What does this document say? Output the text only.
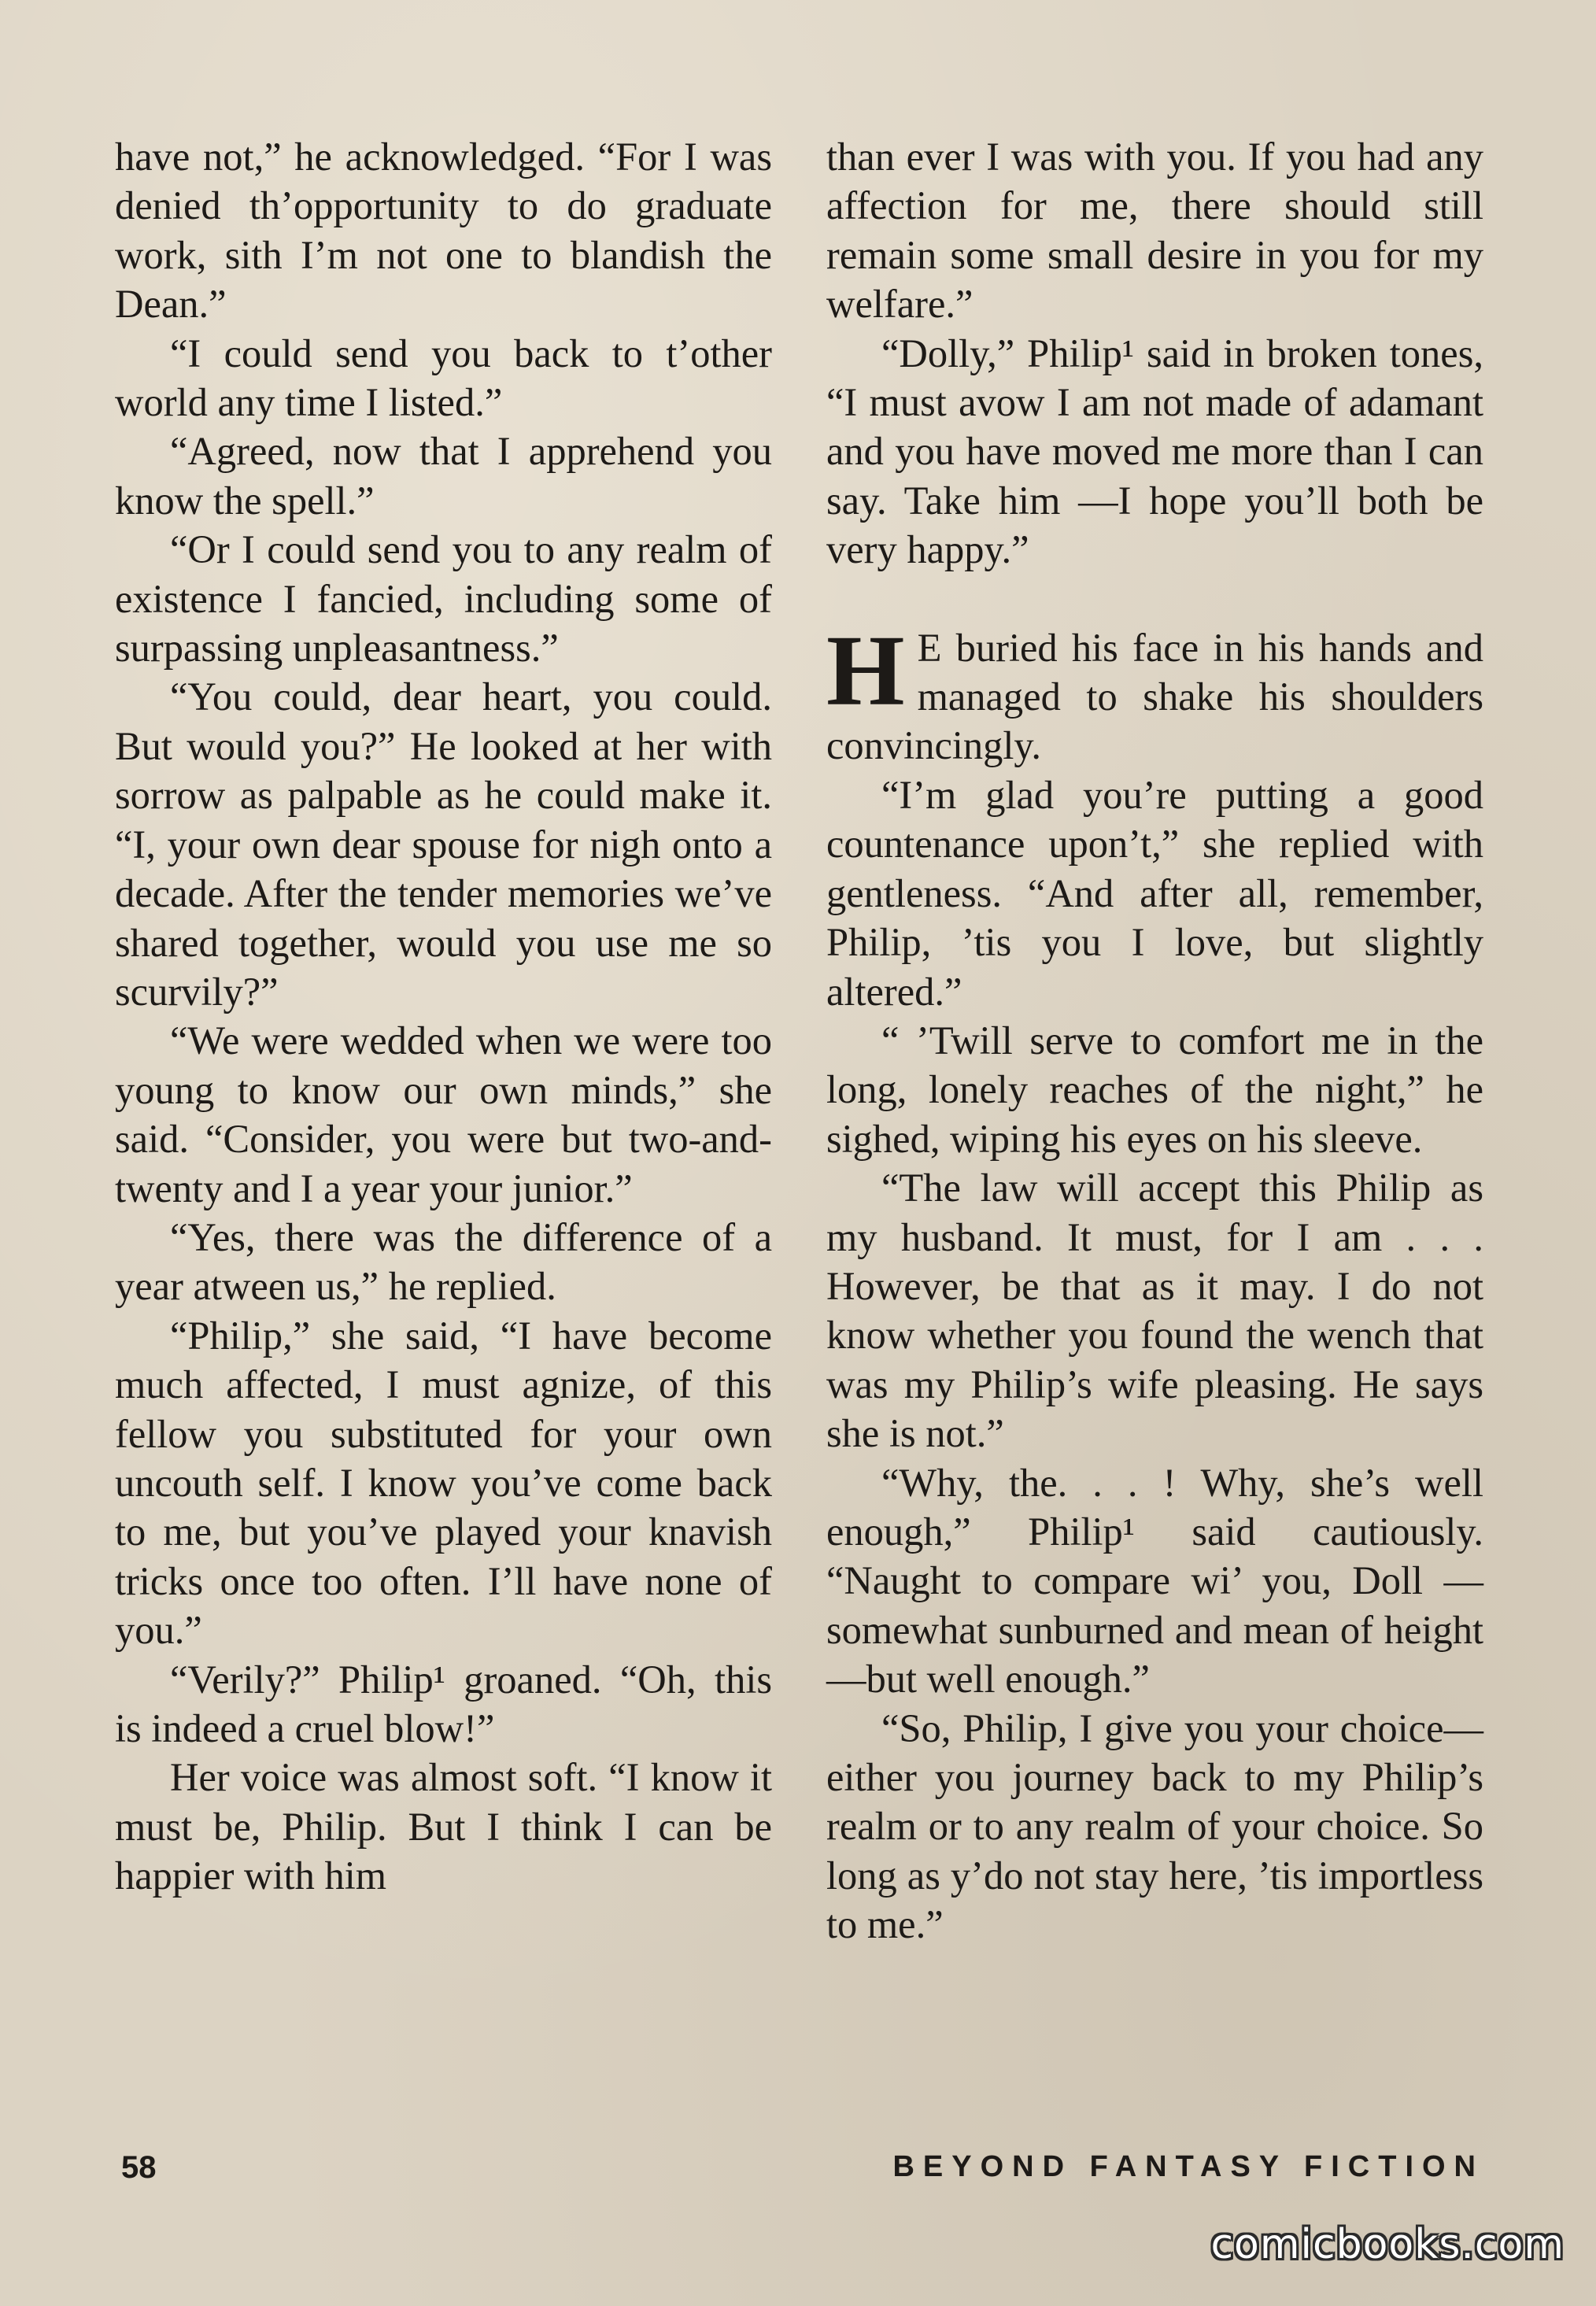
have not,” he acknowledged. “For I was denied th’opportunity to do graduate work, sith I’m not one to blandish the Dean.”

“I could send you back to t’other world any time I listed.”

“Agreed, now that I apprehend you know the spell.”

“Or I could send you to any realm of existence I fancied, including some of surpassing unpleasantness.”

“You could, dear heart, you could. But would you?” He looked at her with sorrow as palpable as he could make it. “I, your own dear spouse for nigh onto a decade. After the tender memories we’ve shared together, would you use me so scurvily?”

“We were wedded when we were too young to know our own minds,” she said. “Consider, you were but two-and-twenty and I a year your junior.”

“Yes, there was the difference of a year atween us,” he replied.

“Philip,” she said, “I have become much affected, I must agnize, of this fellow you substituted for your own uncouth self. I know you’ve come back to me, but you’ve played your knavish tricks once too often. I’ll have none of you.”

“Verily?” Philip¹ groaned. “Oh, this is indeed a cruel blow!”

Her voice was almost soft. “I know it must be, Philip. But I think I can be happier with him

than ever I was with you. If you had any affection for me, there should still remain some small desire in you for my welfare.”

“Dolly,” Philip¹ said in broken tones, “I must avow I am not made of adamant and you have moved me more than I can say. Take him —I hope you’ll both be very happy.”

H E buried his face in his hands and managed to shake his shoulders convincingly.

“I’m glad you’re putting a good countenance upon’t,” she replied with gentleness. “And after all, remember, Philip, ’tis you I love, but slightly altered.”

“ ’Twill serve to comfort me in the long, lonely reaches of the night,” he sighed, wiping his eyes on his sleeve.

“The law will accept this Philip as my husband. It must, for I am . . . However, be that as it may. I do not know whether you found the wench that was my Philip’s wife pleasing. He says she is not.”

“Why, the. . . ! Why, she’s well enough,” Philip¹ said cautiously. “Naught to compare wi’ you, Doll —somewhat sunburned and mean of height—but well enough.”

“So, Philip, I give you your choice—either you journey back to my Philip’s realm or to any realm of your choice. So long as y’do not stay here, ’tis importless to me.”

58	BEYOND FANTASY FICTION
comicbooks.com
